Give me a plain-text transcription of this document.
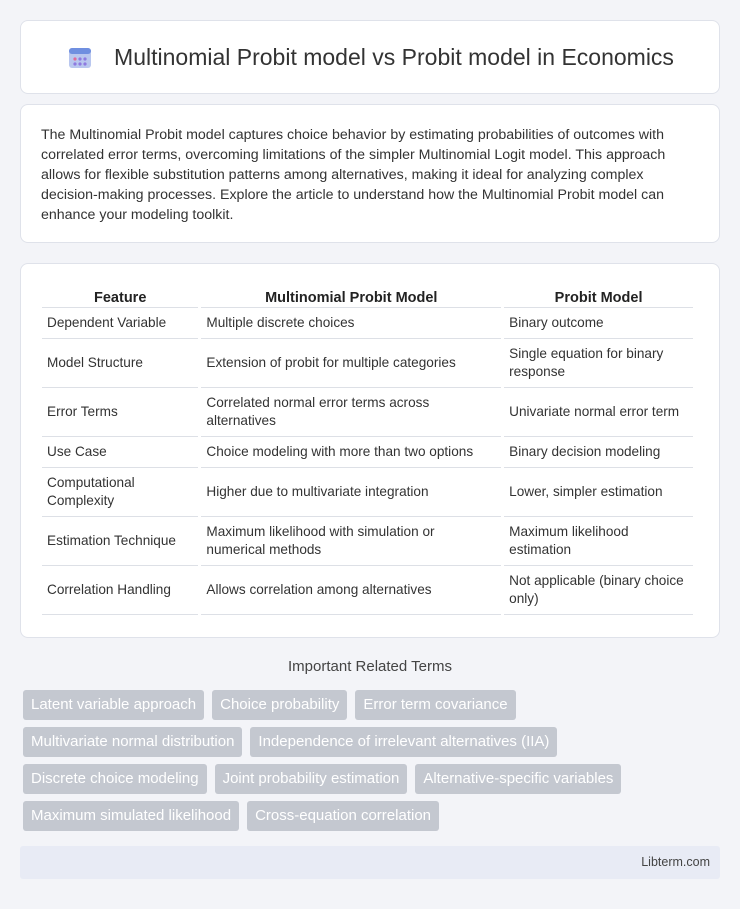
Multinomial Probit model vs Probit model in Economics

The Multinomial Probit model captures choice behavior by estimating probabilities of outcomes with correlated error terms, overcoming limitations of the simpler Multinomial Logit model. This approach allows for flexible substitution patterns among alternatives, making it ideal for analyzing complex decision-making processes. Explore the article to understand how the Multinomial Probit model can enhance your modeling toolkit.

Feature	Multinomial Probit Model	Probit Model
Dependent Variable	Multiple discrete choices	Binary outcome
Model Structure	Extension of probit for multiple categories	Single equation for binary response
Error Terms	Correlated normal error terms across alternatives	Univariate normal error term
Use Case	Choice modeling with more than two options	Binary decision modeling
Computational Complexity	Higher due to multivariate integration	Lower, simpler estimation
Estimation Technique	Maximum likelihood with simulation or numerical methods	Maximum likelihood estimation
Correlation Handling	Allows correlation among alternatives	Not applicable (binary choice only)
Important Related Terms
Latent variable approach	Choice probability	Error term covariance
Multivariate normal distribution	Independence of irrelevant alternatives (IIA)
Discrete choice modeling	Joint probability estimation	Alternative-specific variables
Maximum simulated likelihood	Cross-equation correlation
Libterm.com
